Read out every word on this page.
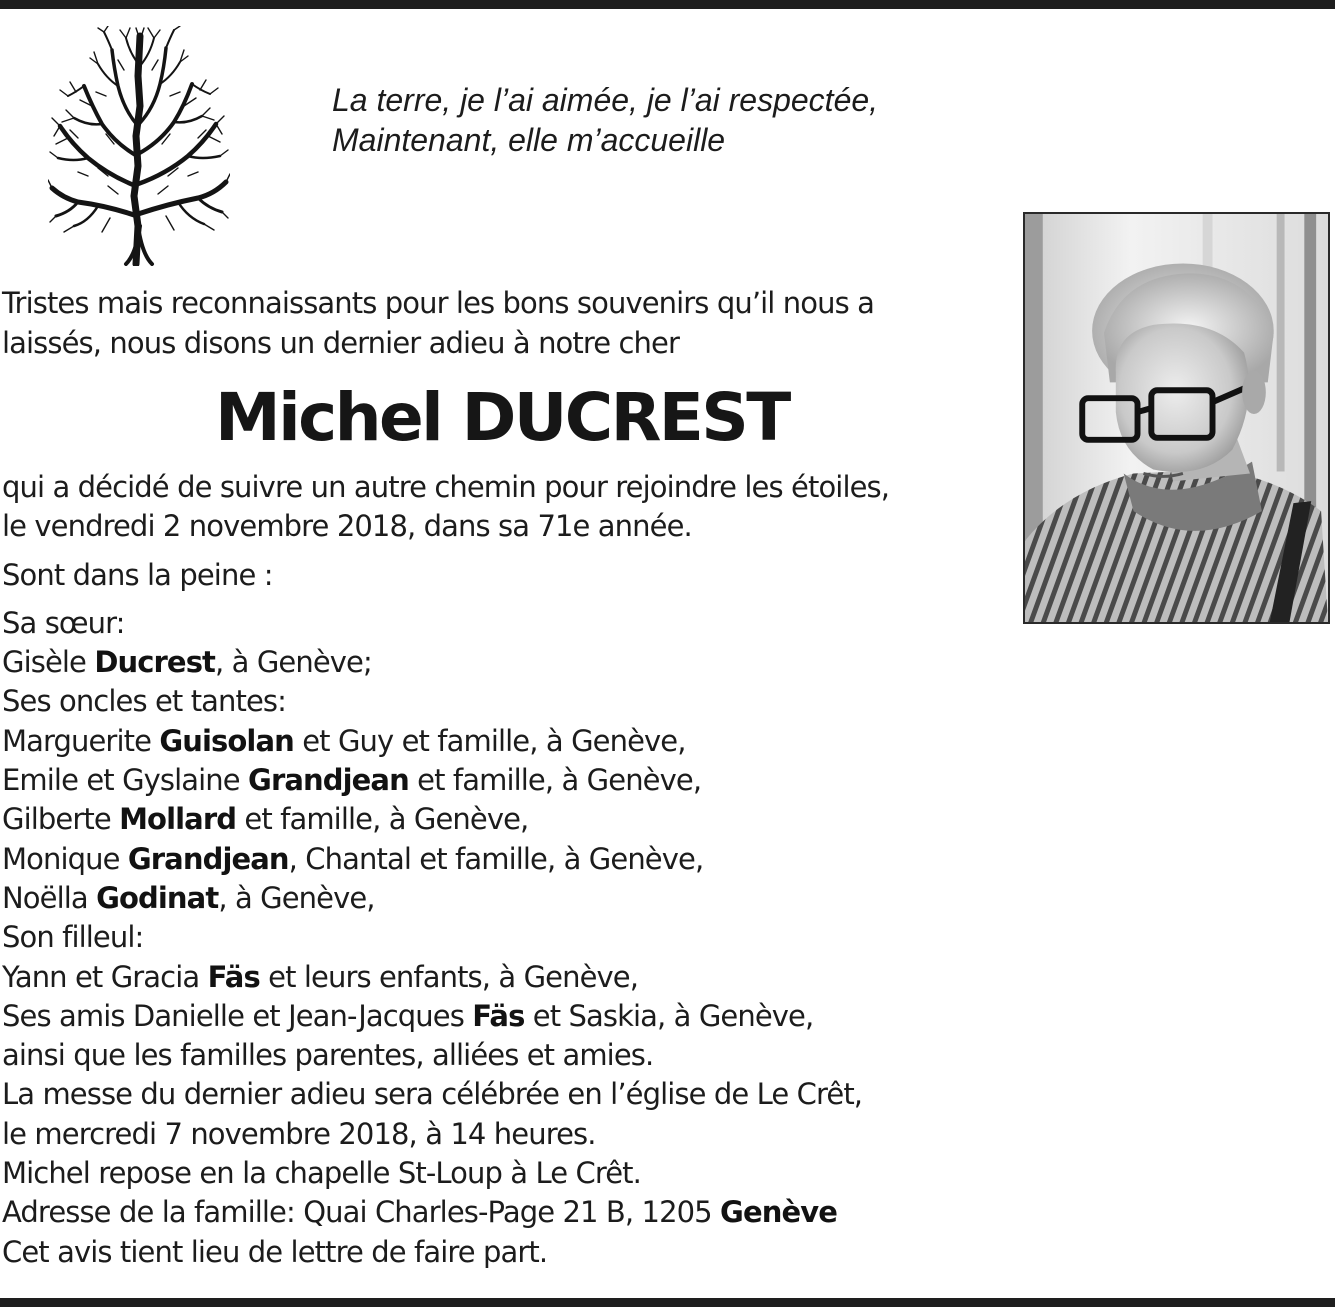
La terre, je l’ai aimée, je l’ai respectée,
Maintenant, elle m’accueille
Tristes mais reconnaissants pour les bons souvenirs qu’il nous a
laissés, nous disons un dernier adieu à notre cher
Michel DUCREST
qui a décidé de suivre un autre chemin pour rejoindre les étoiles,
le vendredi 2 novembre 2018, dans sa 71e année.
Sont dans la peine :
Sa sœur:
Gisèle Ducrest, à Genève;
Ses oncles et tantes:
Marguerite Guisolan et Guy et famille, à Genève,
Emile et Gyslaine Grandjean et famille, à Genève,
Gilberte Mollard et famille, à Genève,
Monique Grandjean, Chantal et famille, à Genève,
Noëlla Godinat, à Genève,
Son filleul:
Yann et Gracia Fäs et leurs enfants, à Genève,
Ses amis Danielle et Jean-Jacques Fäs et Saskia, à Genève,
ainsi que les familles parentes, alliées et amies.
La messe du dernier adieu sera célébrée en l’église de Le Crêt,
le mercredi 7 novembre 2018, à 14 heures.
Michel repose en la chapelle St-Loup à Le Crêt.
Adresse de la famille: Quai Charles-Page 21 B, 1205 Genève
Cet avis tient lieu de lettre de faire part.
